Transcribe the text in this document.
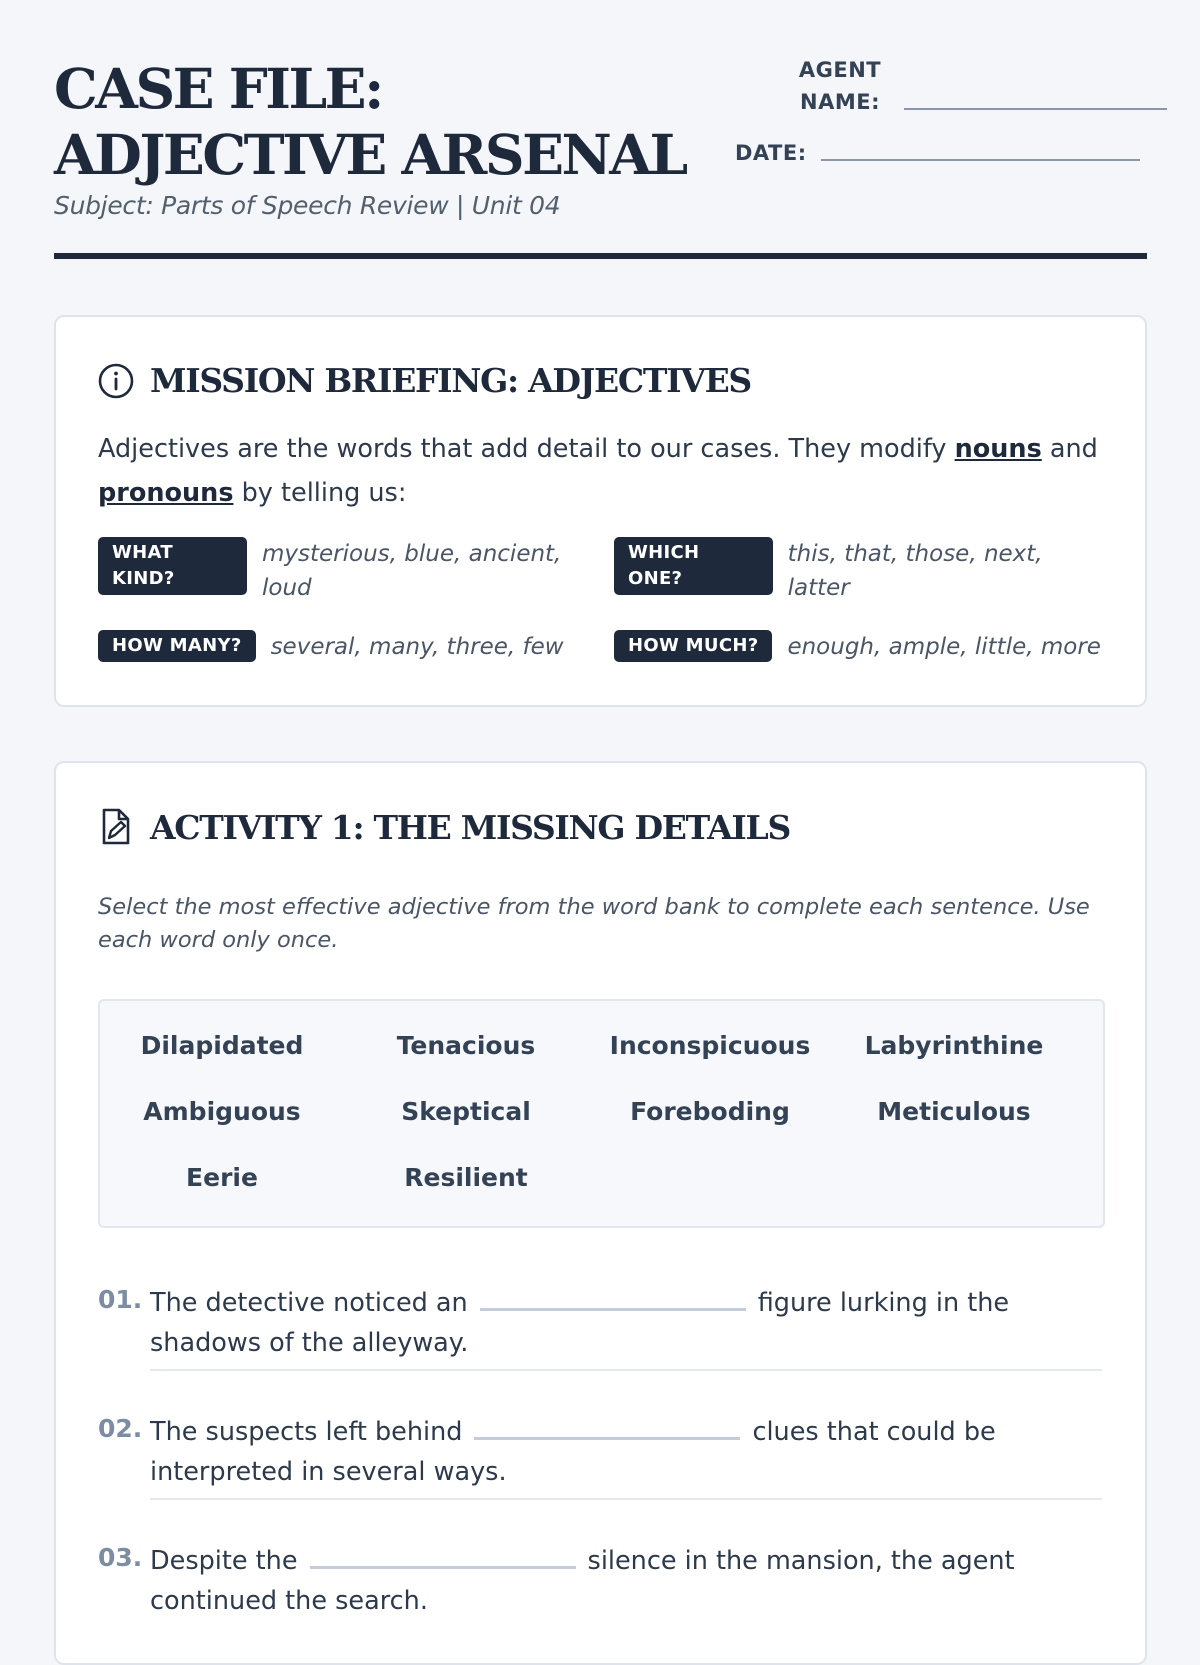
CASE FILE: ADJECTIVE ARSENAL
Subject: Parts of Speech Review | Unit 04
AGENT NAME:
DATE:
MISSION BRIEFING: ADJECTIVES

Adjectives are the words that add detail to our cases. They modify nouns and pronouns by telling us:

WHAT KIND?
mysterious, blue, ancient, loud
WHICH ONE?
this, that, those, next, latter
HOW MANY?	several, many, three, few	HOW MUCH?	enough, ample, little, more
ACTIVITY 1: THE MISSING DETAILS

Select the most effective adjective from the word bank to complete each sentence. Use each word only once.

Dilapidated	Tenacious	Inconspicuous	Labyrinthine
Ambiguous	Skeptical	Foreboding	Meticulous
Eerie	Resilient
01. The detective noticed an	figure lurking in the shadows of the alleyway.
02. The suspects left behind	clues that could be interpreted in several ways.
03. Despite the	silence in the mansion, the agent continued the search.
